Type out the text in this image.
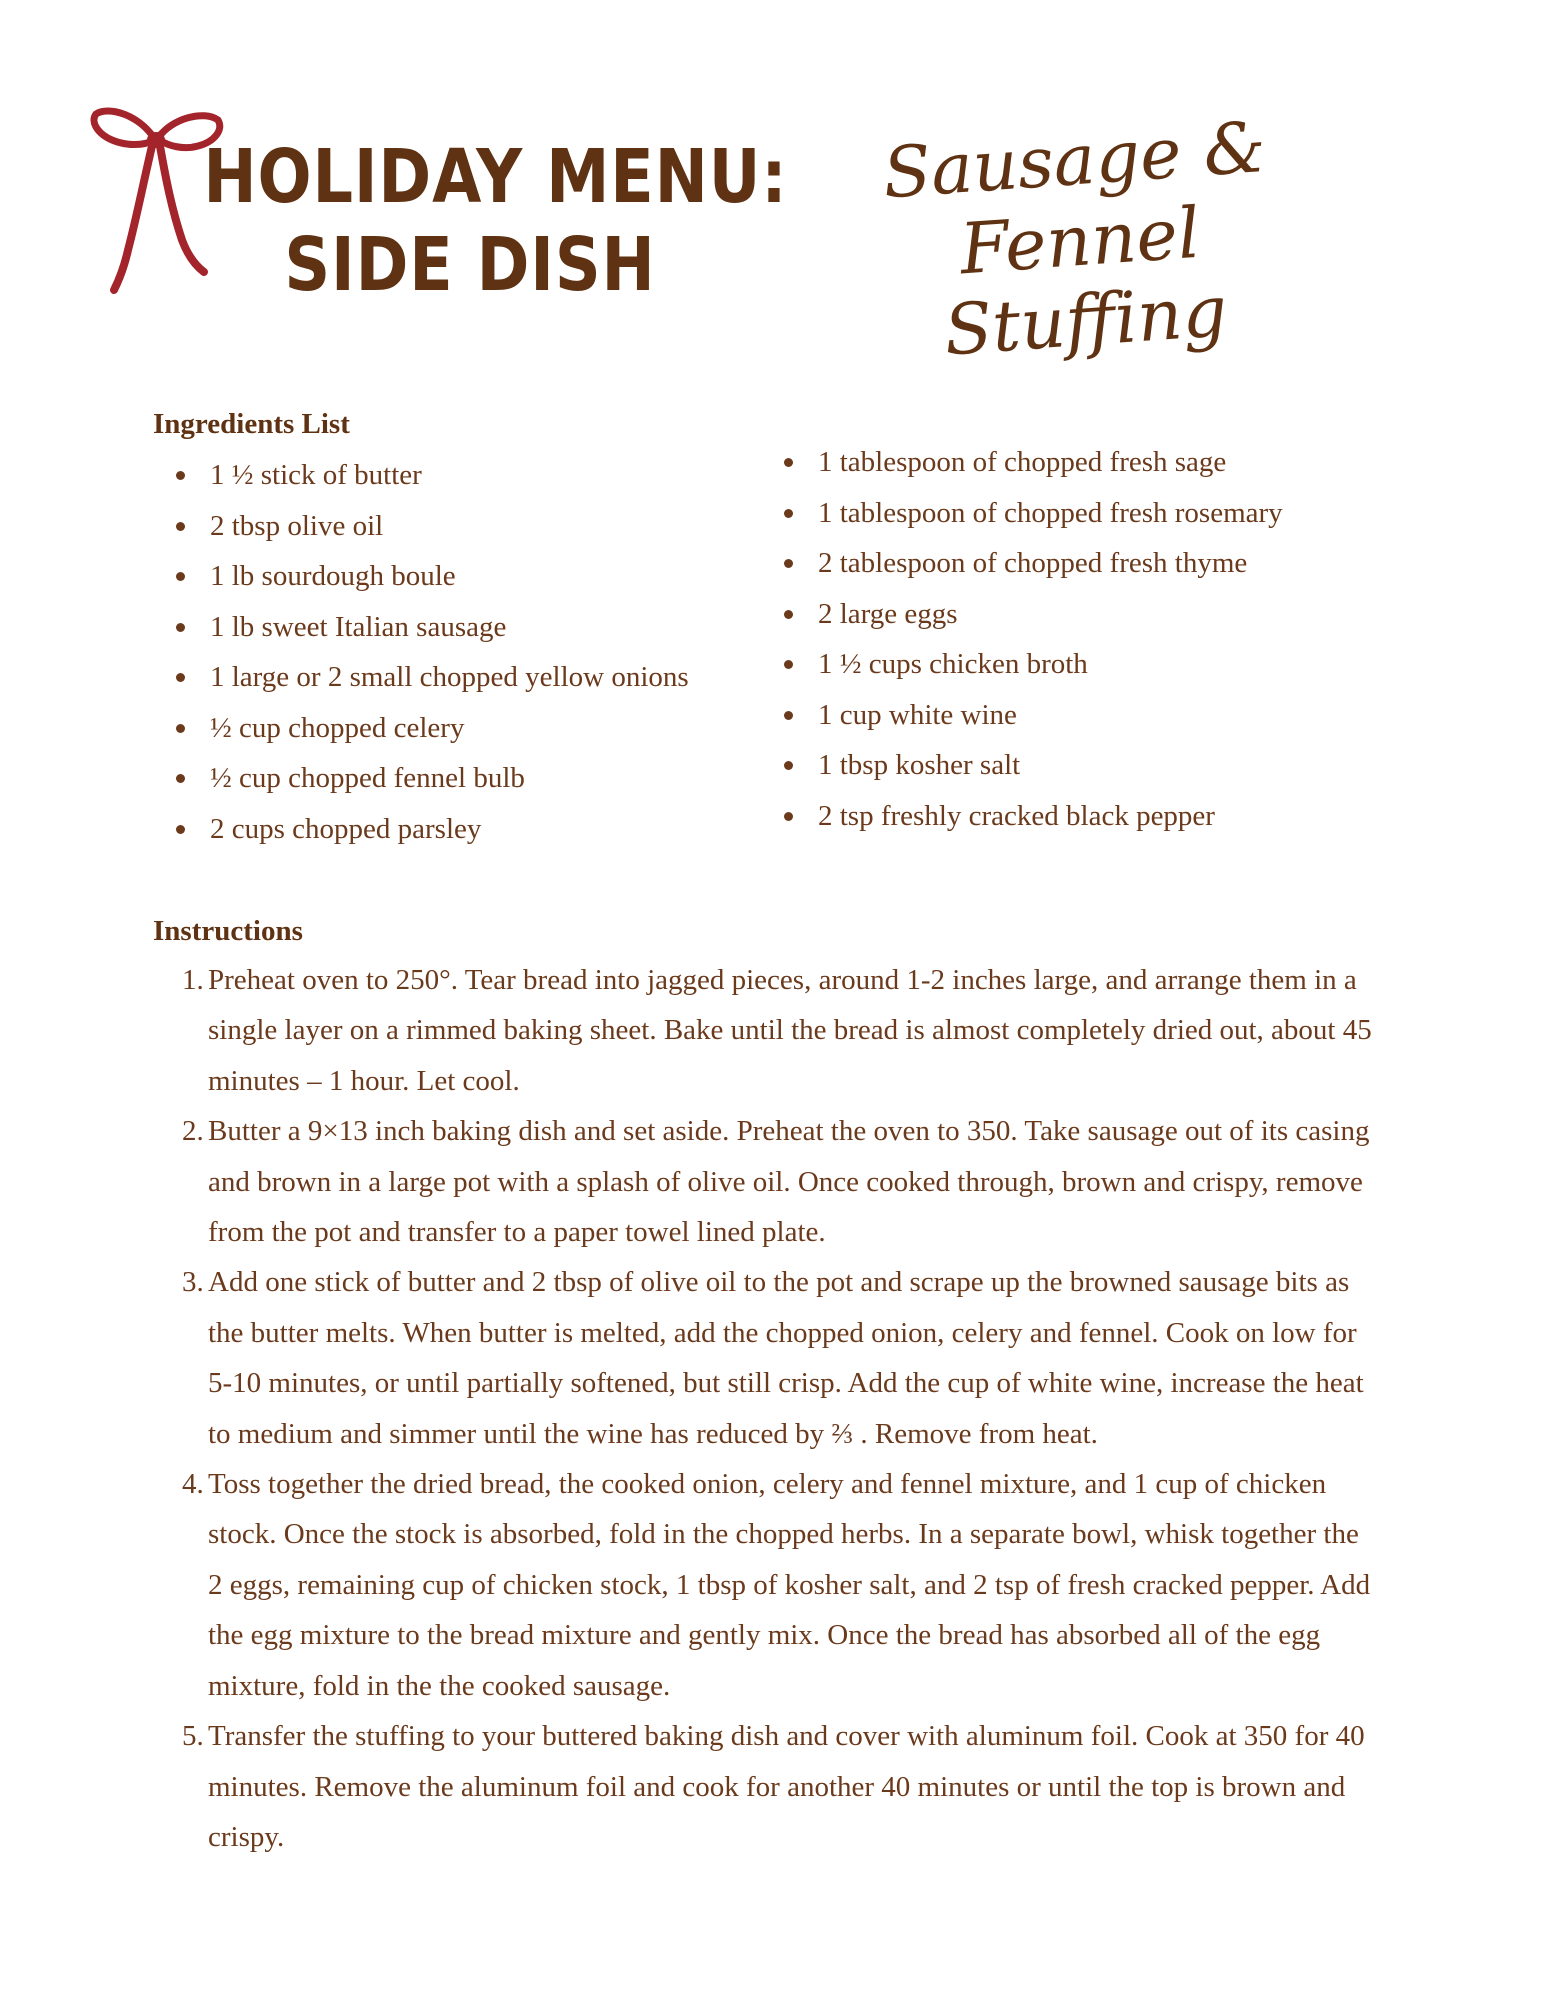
HOLIDAY MENU:
SIDE DISH
Sausage & Fennel
Stuffing
Ingredients List
1 ½ stick of butter
2 tbsp olive oil
1 lb sourdough boule
1 lb sweet Italian sausage
1 large or 2 small chopped yellow onions
½ cup chopped celery
½ cup chopped fennel bulb
2 cups chopped parsley
1 tablespoon of chopped fresh sage
1 tablespoon of chopped fresh rosemary
2 tablespoon of chopped fresh thyme
2 large eggs
1 ½ cups chicken broth
1 cup white wine
1 tbsp kosher salt
2 tsp freshly cracked black pepper
Instructions
1. Preheat oven to 250°. Tear bread into jagged pieces, around 1-2 inches large, and arrange them in a single layer on a rimmed baking sheet. Bake until the bread is almost completely dried out, about 45 minutes – 1 hour. Let cool.
2. Butter a 9×13 inch baking dish and set aside. Preheat the oven to 350. Take sausage out of its casing and brown in a large pot with a splash of olive oil. Once cooked through, brown and crispy, remove from the pot and transfer to a paper towel lined plate.
3. Add one stick of butter and 2 tbsp of olive oil to the pot and scrape up the browned sausage bits as the butter melts. When butter is melted, add the chopped onion, celery and fennel. Cook on low for 5-10 minutes, or until partially softened, but still crisp. Add the cup of white wine, increase the heat to medium and simmer until the wine has reduced by ⅔ . Remove from heat.
4. Toss together the dried bread, the cooked onion, celery and fennel mixture, and 1 cup of chicken stock. Once the stock is absorbed, fold in the chopped herbs. In a separate bowl, whisk together the 2 eggs, remaining cup of chicken stock, 1 tbsp of kosher salt, and 2 tsp of fresh cracked pepper. Add the egg mixture to the bread mixture and gently mix. Once the bread has absorbed all of the egg mixture, fold in the the cooked sausage.
5. Transfer the stuffing to your buttered baking dish and cover with aluminum foil. Cook at 350 for 40 minutes. Remove the aluminum foil and cook for another 40 minutes or until the top is brown and crispy.
